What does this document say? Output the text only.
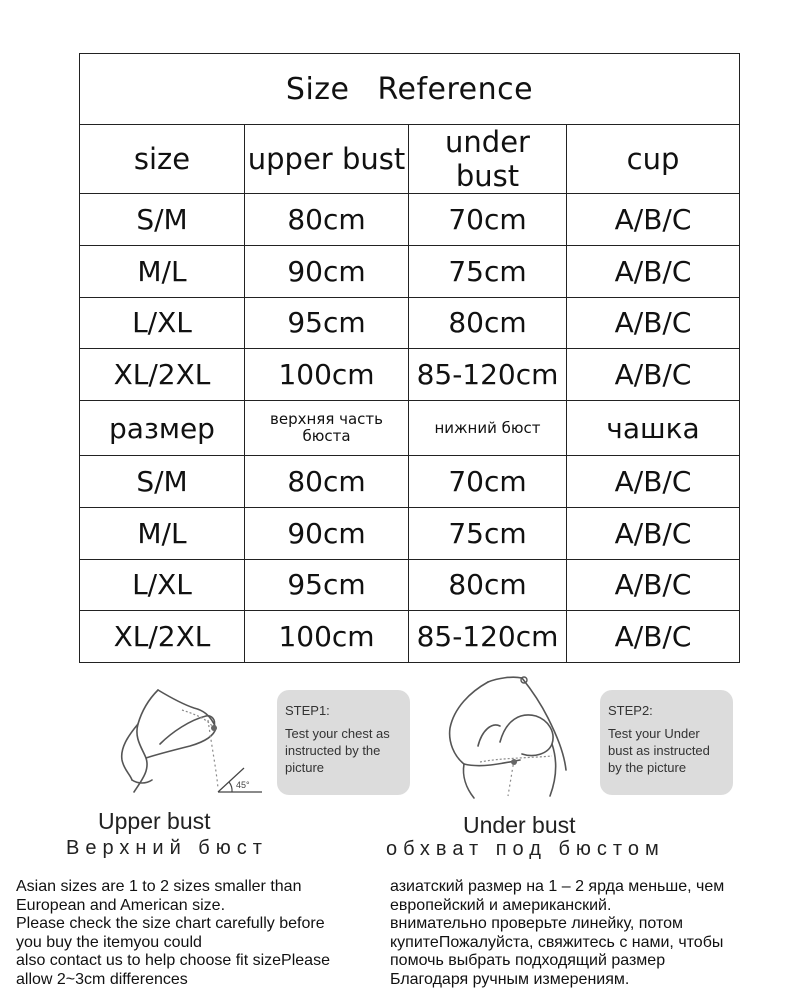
Size Reference			
size	upper bust	under bust	cup
S/M	80cm	70cm	A/B/C
M/L	90cm	75cm	A/B/C
L/XL	95cm	80cm	A/B/C
XL/2XL	100cm	85-120cm	A/B/C
размер	верхняя часть бюста	нижний бюст	чашка
S/M	80cm	70cm	A/B/C
M/L	90cm	75cm	A/B/C
L/XL	95cm	80cm	A/B/C
XL/2XL	100cm	85-120cm	A/B/C
45°
STEP1:
Test your chest as instructed by the picture
Upper bust
Верхний бюст
STEP2:
Test your Under bust as instructed by the picture
Under bust
обхват под бюстом

Asian sizes are 1 to 2 sizes smaller than

European and American size.

Please check the size chart carefully before

you buy the itemyou could

also contact us to help choose fit sizePlease

allow 2~3cm differences

азиатский размер на 1 – 2 ярда меньше, чем

европейский и американский.

внимательно проверьте линейку, потом

купитеПожалуйста, свяжитесь с нами, чтобы

помочь выбрать подходящий размер

Благодаря ручным измерениям.
